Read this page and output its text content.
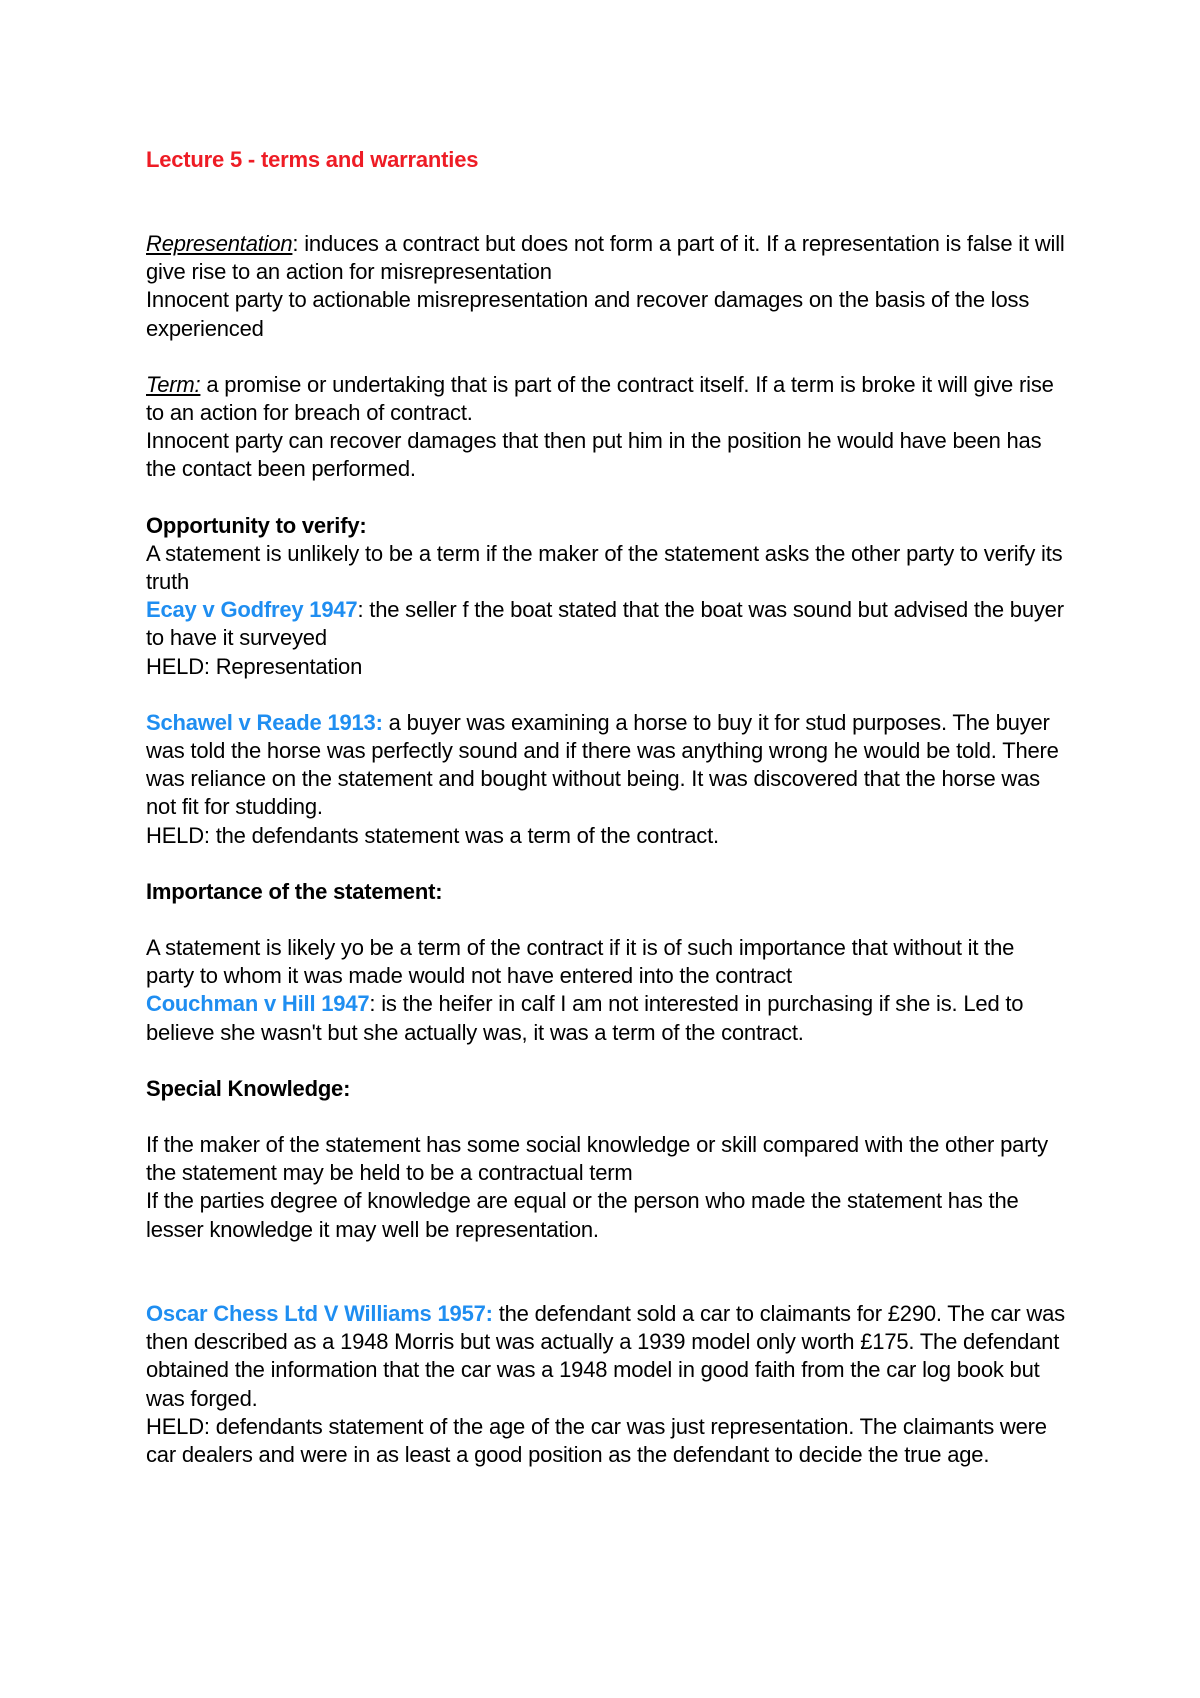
Lecture 5 - terms and warranties

Representation: induces a contract but does not form a part of it. If a representation is false it will give rise to an action for misrepresentation

Innocent party to actionable misrepresentation and recover damages on the basis of the loss experienced

Term: a promise or undertaking that is part of the contract itself. If a term is broke it will give rise to an action for breach of contract.

Innocent party can recover damages that then put him in the position he would have been has the contact been performed.

Opportunity to verify:

A statement is unlikely to be a term if the maker of the statement asks the other party to verify its truth

Ecay v Godfrey 1947: the seller f the boat stated that the boat was sound but advised the buyer to have it surveyed

HELD: Representation

Schawel v Reade 1913: a buyer was examining a horse to buy it for stud purposes. The buyer was told the horse was perfectly sound and if there was anything wrong he would be told. There was reliance on the statement and bought without being. It was discovered that the horse was not fit for studding.

HELD: the defendants statement was a term of the contract.

Importance of the statement:

A statement is likely yo be a term of the contract if it is of such importance that without it the party to whom it was made would not have entered into the contract

Couchman v Hill 1947: is the heifer in calf I am not interested in purchasing if she is. Led to believe she wasn't but she actually was, it was a term of the contract.

Special Knowledge:

If the maker of the statement has some social knowledge or skill compared with the other party the statement may be held to be a contractual term

If the parties degree of knowledge are equal or the person who made the statement has the lesser knowledge it may well be representation.

Oscar Chess Ltd V Williams 1957: the defendant sold a car to claimants for £290. The car was then described as a 1948 Morris but was actually a 1939 model only worth £175. The defendant obtained the information that the car was a 1948 model in good faith from the car log book but was forged.

HELD: defendants statement of the age of the car was just representation. The claimants were car dealers and were in as least a good position as the defendant to decide the true age.
